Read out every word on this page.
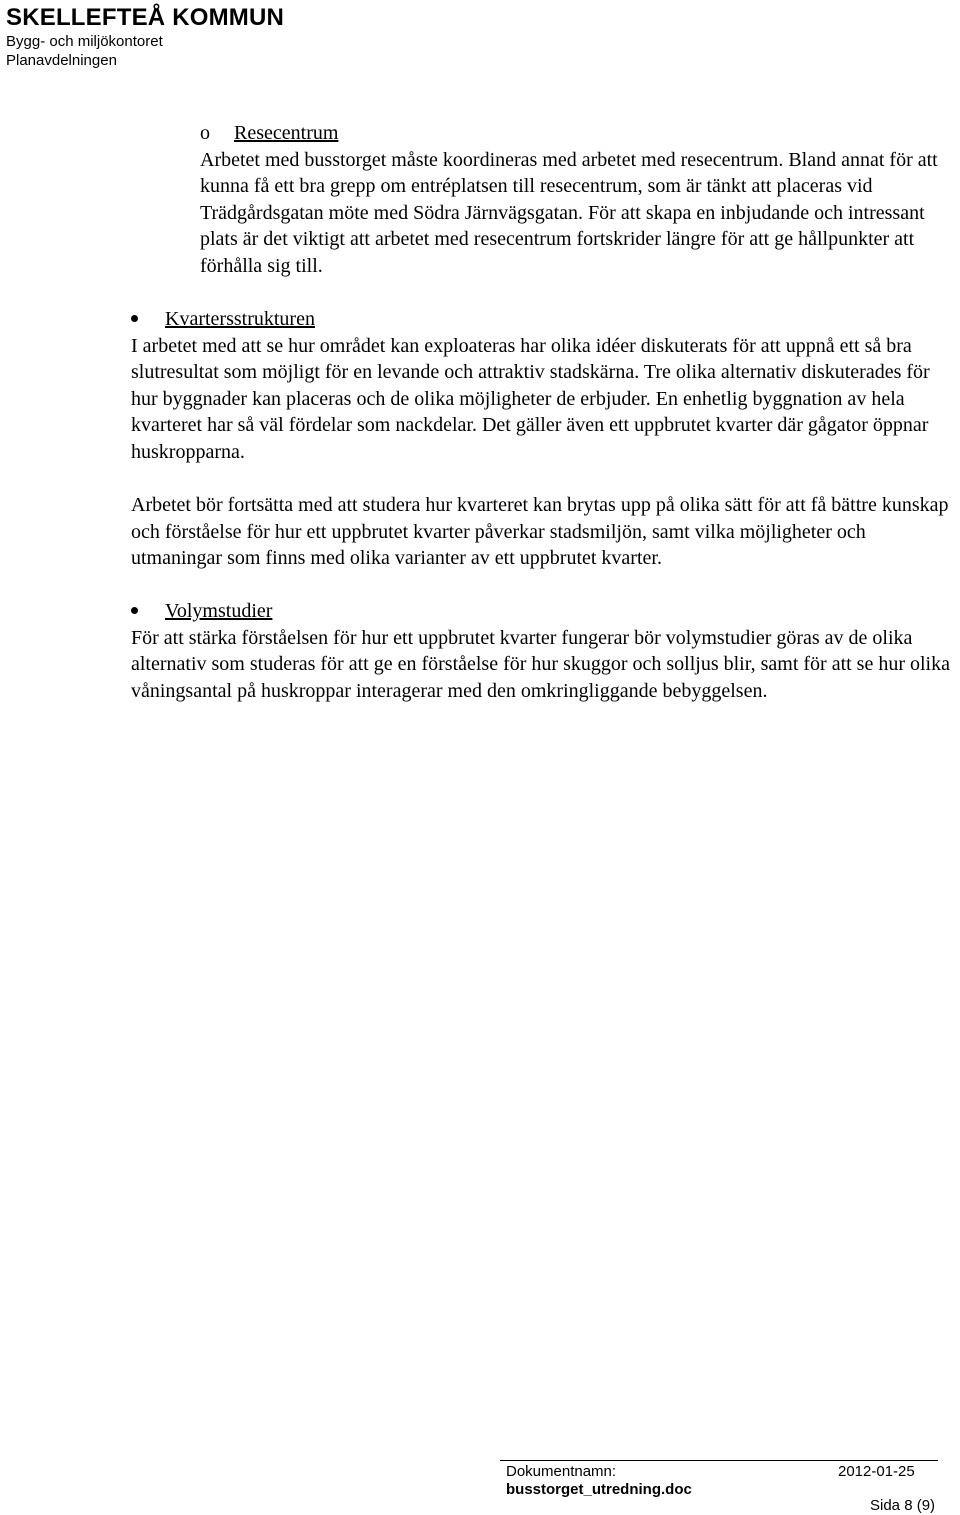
SKELLEFTEÅ KOMMUN
Bygg- och miljökontoret
Planavdelningen
o Resecentrum
Arbetet med busstorget måste koordineras med arbetet med resecentrum. Bland annat för att kunna få ett bra grepp om entréplatsen till resecentrum, som är tänkt att placeras vid Trädgårdsgatan möte med Södra Järnvägsgatan. För att skapa en inbjudande och intressant plats är det viktigt att arbetet med resecentrum fortskrider längre för att ge hållpunkter att förhålla sig till.
Kvartersstrukturen
I arbetet med att se hur området kan exploateras har olika idéer diskuterats för att uppnå ett så bra slutresultat som möjligt för en levande och attraktiv stadskärna. Tre olika alternativ diskuterades för hur byggnader kan placeras och de olika möjligheter de erbjuder. En enhetlig byggnation av hela kvarteret har så väl fördelar som nackdelar. Det gäller även ett uppbrutet kvarter där gågator öppnar huskropparna.
Arbetet bör fortsätta med att studera hur kvarteret kan brytas upp på olika sätt för att få bättre kunskap och förståelse för hur ett uppbrutet kvarter påverkar stadsmiljön, samt vilka möjligheter och utmaningar som finns med olika varianter av ett uppbrutet kvarter.
Volymstudier
För att stärka förståelsen för hur ett uppbrutet kvarter fungerar bör volymstudier göras av de olika alternativ som studeras för att ge en förståelse för hur skuggor och solljus blir, samt för att se hur olika våningsantal på huskroppar interagerar med den omkringliggande bebyggelsen.
Dokumentnamn:	2012-01-25
busstorget_utredning.doc
Sida 8 (9)
